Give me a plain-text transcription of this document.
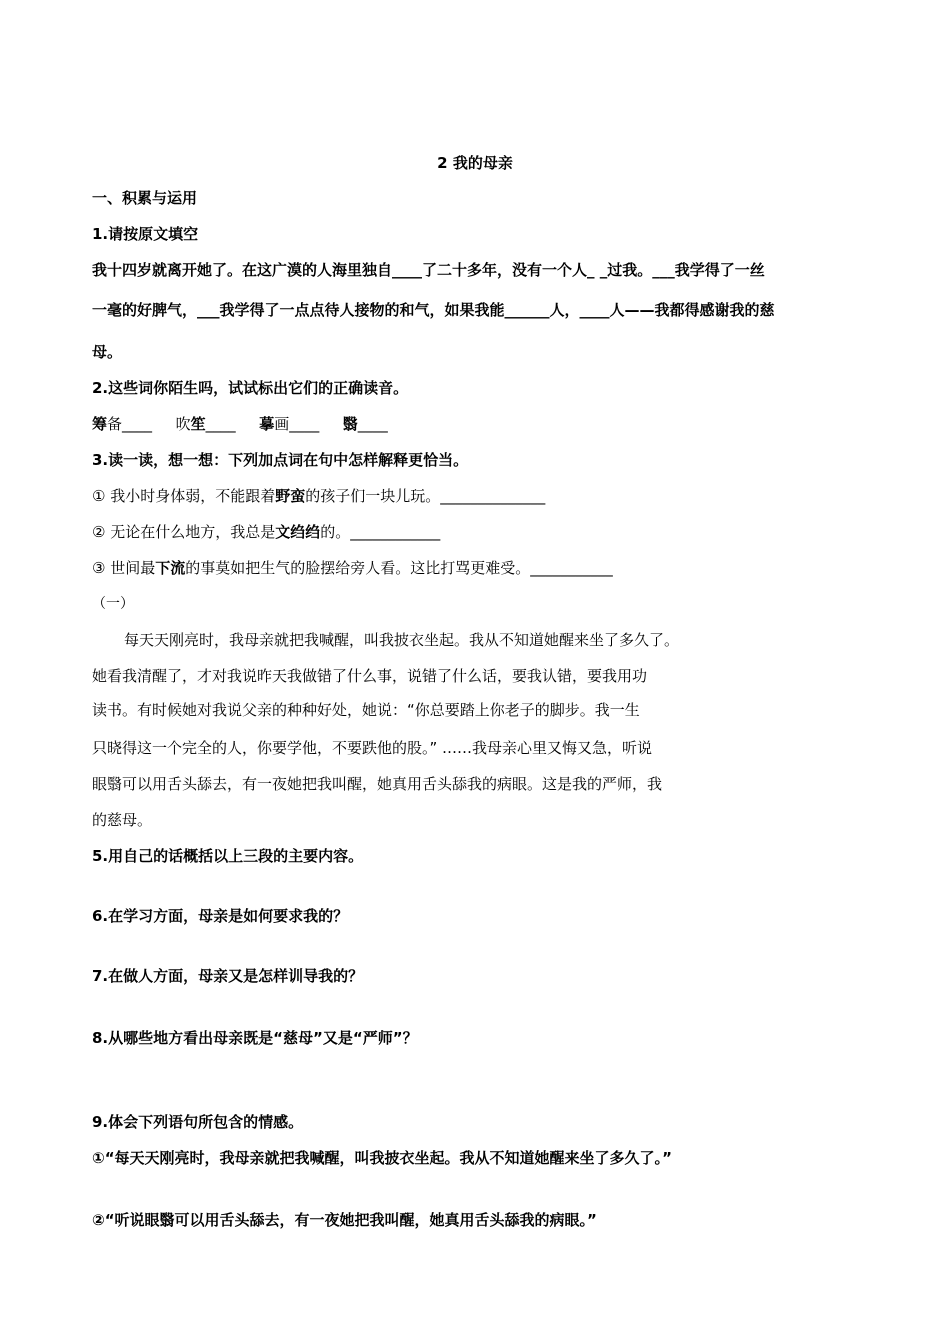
2 我的母亲
一、积累与运用
1.请按原文填空
我十四岁就离开她了。在这广漠的人海里独自____了二十多年，没有一个人_ _过我。___我学得了一丝
一毫的好脾气，___我学得了一点点待人接物的和气，如果我能______人，____人——我都得感谢我的慈
母。
2.这些词你陌生吗，试试标出它们的正确读音。
筹备____ 吹笙____ 摹画____ 翳____
3.读一读，想一想：下列加点词在句中怎样解释更恰当。
① 我小时身体弱，不能跟着野蛮的孩子们一块儿玩。______________
② 无论在什么地方，我总是文绉绉的。____________
③ 世间最下流的事莫如把生气的脸摆给旁人看。这比打骂更难受。___________
（一）
每天天刚亮时，我母亲就把我喊醒，叫我披衣坐起。我从不知道她醒来坐了多久了。
她看我清醒了，才对我说昨天我做错了什么事，说错了什么话，要我认错，要我用功
读书。有时候她对我说父亲的种种好处，她说：“你总要踏上你老子的脚步。我一生
只晓得这一个完全的人，你要学他，不要跌他的股。” ……我母亲心里又悔又急，听说
眼翳可以用舌头舔去，有一夜她把我叫醒，她真用舌头舔我的病眼。这是我的严师，我
的慈母。
5.用自己的话概括以上三段的主要内容。
6.在学习方面，母亲是如何要求我的？
7.在做人方面，母亲又是怎样训导我的？
8.从哪些地方看出母亲既是“慈母”又是“严师”？
9.体会下列语句所包含的情感。
①“每天天刚亮时，我母亲就把我喊醒，叫我披衣坐起。我从不知道她醒来坐了多久了。”
②“听说眼翳可以用舌头舔去，有一夜她把我叫醒，她真用舌头舔我的病眼。”
